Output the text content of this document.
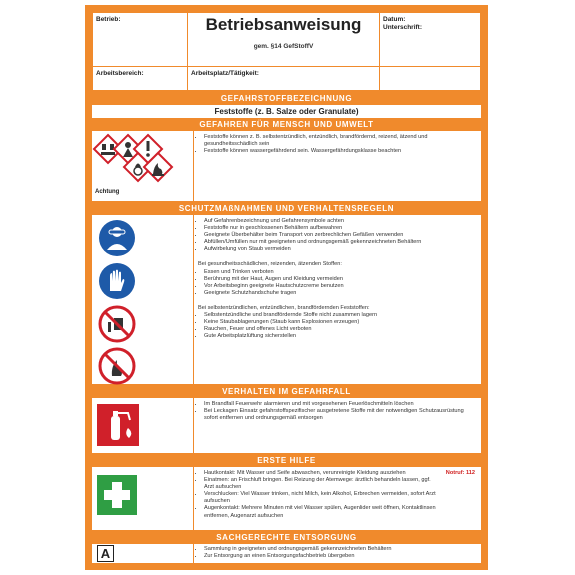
Betrieb:	Betriebsanweisung
gem. §14 GefStoffV
Datum:
Unterschrift:
Arbeitsbereich:	Arbeitsplatz/Tätigkeit:
GEFAHRSTOFFBEZEICHNUNG
Feststoffe (z. B. Salze oder Granulate)
GEFAHREN FÜR MENSCH UND UMWELT
Achtung
• Feststoffe können z. B. selbstentzündlich, entzündlich, brandfördernd, reizend, ätzend und gesundheitsschädlich sein
• Feststoffe können wassergefährdend sein. Wassergefährdungsklasse beachten
SCHUTZMAßNAHMEN UND VERHALTENSREGELN
• Auf Gefahrenbezeichnung und Gefahrensymbole achten
• Feststoffe nur in geschlossenen Behältern aufbewahren
• Geeignete Überbehälter beim Transport von zerbrechlichen Gefäßen verwenden
• Abfüllen/Umfüllen nur mit geeigneten und ordnungsgemäß gekennzeichneten Behältern
• Aufwirbelung von Staub vermeiden

Bei gesundheitsschädlichen, reizenden, ätzenden Stoffen:

• Essen und Trinken verboten
• Berührung mit der Haut, Augen und Kleidung vermeiden
• Vor Arbeitsbeginn geeignete Hautschutzcreme benutzen
• Geeignete Schutzhandschuhe tragen

Bei selbstentzündlichen, entzündlichen, brandfördernden Feststoffen:

• Selbstentzündliche und brandfördernde Stoffe nicht zusammen lagern
• Keine Staubablagerungen (Staub kann Explosionen erzeugen)
• Rauchen, Feuer und offenes Licht verboten
• Gute Arbeitsplatzlüftung sicherstellen
VERHALTEN IM GEFAHRFALL
• Im Brandfall Feuerwehr alarmieren und mit vorgesehenen Feuerlöschmitteln löschen
• Bei Leckagen Einsatz gefahrstoffspezifischer ausgetretene Stoffe mit der notwendigen Schutzausrüstung sofort entfernen und ordnungsgemäß entsorgen
ERSTE HILFE
Notruf: 112
• Hautkontakt: Mit Wasser und Seife abwaschen, verunreinigte Kleidung ausziehen
• Einatmen: an Frischluft bringen. Bei Reizung der Atemwege: ärztlich behandeln lassen, ggf. Arzt aufsuchen
• Verschlucken: Viel Wasser trinken, nicht Milch, kein Alkohol, Erbrechen vermeiden, sofort Arzt aufsuchen
• Augenkontakt: Mehrere Minuten mit viel Wasser spülen, Augenlider weit öffnen, Kontaktlinsen entfernen, Augenarzt aufsuchen
SACHGERECHTE ENTSORGUNG
A
•	Sammlung in geeigneten und ordnungsgemäß gekennzeichneten Behältern
• Zur Entsorgung an einen Entsorgungsfachbetrieb übergeben
